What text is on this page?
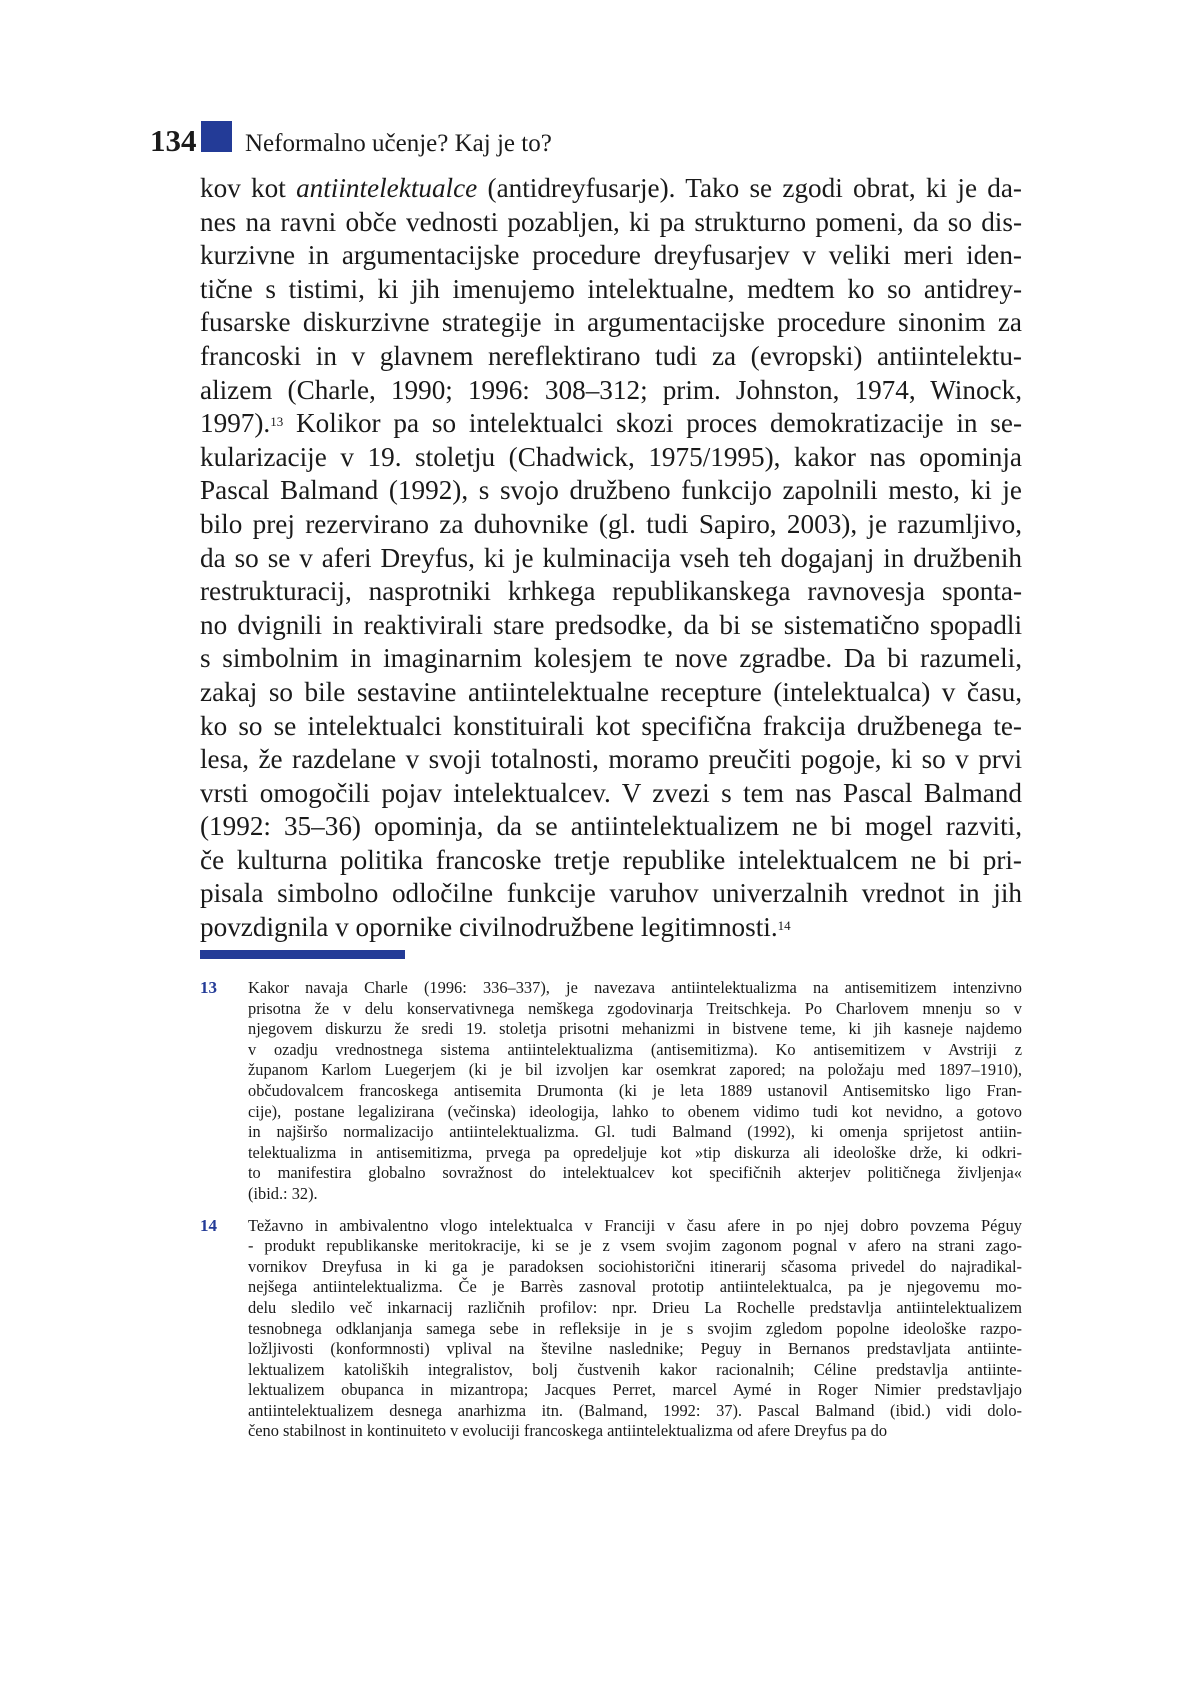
134 Neformalno učenje? Kaj je to?
kov kot antiintelektualce (antidreyfusarje). Tako se zgodi obrat, ki je da-
nes na ravni obče vednosti pozabljen, ki pa strukturno pomeni, da so dis-
kurzivne in argumentacijske procedure dreyfusarjev v veliki meri iden-
tične s tistimi, ki jih imenujemo intelektualne, medtem ko so antidrey-
fusarske diskurzivne strategije in argumentacijske procedure sinonim za
francoski in v glavnem nereflektirano tudi za (evropski) antiintelektu-
alizem (Charle, 1990; 1996: 308–312; prim. Johnston, 1974, Winock,
1997).$^{13}$ Kolikor pa so intelektualci skozi proces demokratizacije in se-
kularizacije v 19. stoletju (Chadwick, 1975/1995), kakor nas opominja
Pascal Balmand (1992), s svojo družbeno funkcijo zapolnili mesto, ki je
bilo prej rezervirano za duhovnike (gl. tudi Sapiro, 2003), je razumljivo,
da so se v aferi Dreyfus, ki je kulminacija vseh teh dogajanj in družbenih
restrukturacij, nasprotniki krhkega republikanskega ravnovesja sponta-
no dvignili in reaktivirali stare predsodke, da bi se sistematično spopadli
s simbolnim in imaginarnim kolesjem te nove zgradbe. Da bi razumeli,
zakaj so bile sestavine antiintelektualne recepture (intelektualca) v času,
ko so se intelektualci konstituirali kot specifična frakcija družbenega te-
lesa, že razdelane v svoji totalnosti, moramo preučiti pogoje, ki so v prvi
vrsti omogočili pojav intelektualcev. V zvezi s tem nas Pascal Balmand
(1992: 35–36) opominja, da se antiintelektualizem ne bi mogel razviti,
če kulturna politika francoske tretje republike intelektualcem ne bi pri-
pisala simbolno odločilne funkcije varuhov univerzalnih vrednot in jih
povzdignila v opornike civilnodružbene legitimnosti.$^{14}$
13 Kakor navaja Charle (1996: 336–337), je navezava antiintelektualizma na antisemitizem intenzivno
prisotna že v delu konservativnega nemškega zgodovinarja Treitschkeja. Po Charlovem mnenju so v
njegovem diskurzu že sredi 19. stoletja prisotni mehanizmi in bistvene teme, ki jih kasneje najdemo
v ozadju vrednostnega sistema antiintelektualizma (antisemitizma). Ko antisemitizem v Avstriji z
županom Karlom Luegerjem (ki je bil izvoljen kar osemkrat zapored; na položaju med 1897–1910),
občudovalcem francoskega antisemita Drumonta (ki je leta 1889 ustanovil Antisemitsko ligo Fran-
cije), postane legalizirana (večinska) ideologija, lahko to obenem vidimo tudi kot nevidno, a gotovo
in najširšo normalizacijo antiintelektualizma. Gl. tudi Balmand (1992), ki omenja sprijetost antiin-
telektualizma in antisemitizma, prvega pa opredeljuje kot »tip diskurza ali ideološke drže, ki odkri-
to manifestira globalno sovražnost do intelektualcev kot specifičnih akterjev političnega življenja«
(ibid.: 32).
14 Težavno in ambivalentno vlogo intelektualca v Franciji v času afere in po njej dobro povzema Péguy
- produkt republikanske meritokracije, ki se je z vsem svojim zagonom pognal v afero na strani zago-
vornikov Dreyfusa in ki ga je paradoksen sociohistorični itinerarij sčasoma privedel do najradikal-
nejšega antiintelektualizma. Če je Barrès zasnoval prototip antiintelektualca, pa je njegovemu mo-
delu sledilo več inkarnacij različnih profilov: npr. Drieu La Rochelle predstavlja antiintelektualizem
tesnobnega odklanjanja samega sebe in refleksije in je s svojim zgledom popolne ideološke razpo-
ložljivosti (konformnosti) vplival na številne naslednike; Peguy in Bernanos predstavljata antiinte-
lektualizem katoliških integralistov, bolj čustvenih kakor racionalnih; Céline predstavlja antiinte-
lektualizem obupanca in mizantropa; Jacques Perret, marcel Aymé in Roger Nimier predstavljajo
antiintelektualizem desnega anarhizma itn. (Balmand, 1992: 37). Pascal Balmand (ibid.) vidi dolo-
čeno stabilnost in kontinuiteto v evoluciji francoskega antiintelektualizma od afere Dreyfus pa do
